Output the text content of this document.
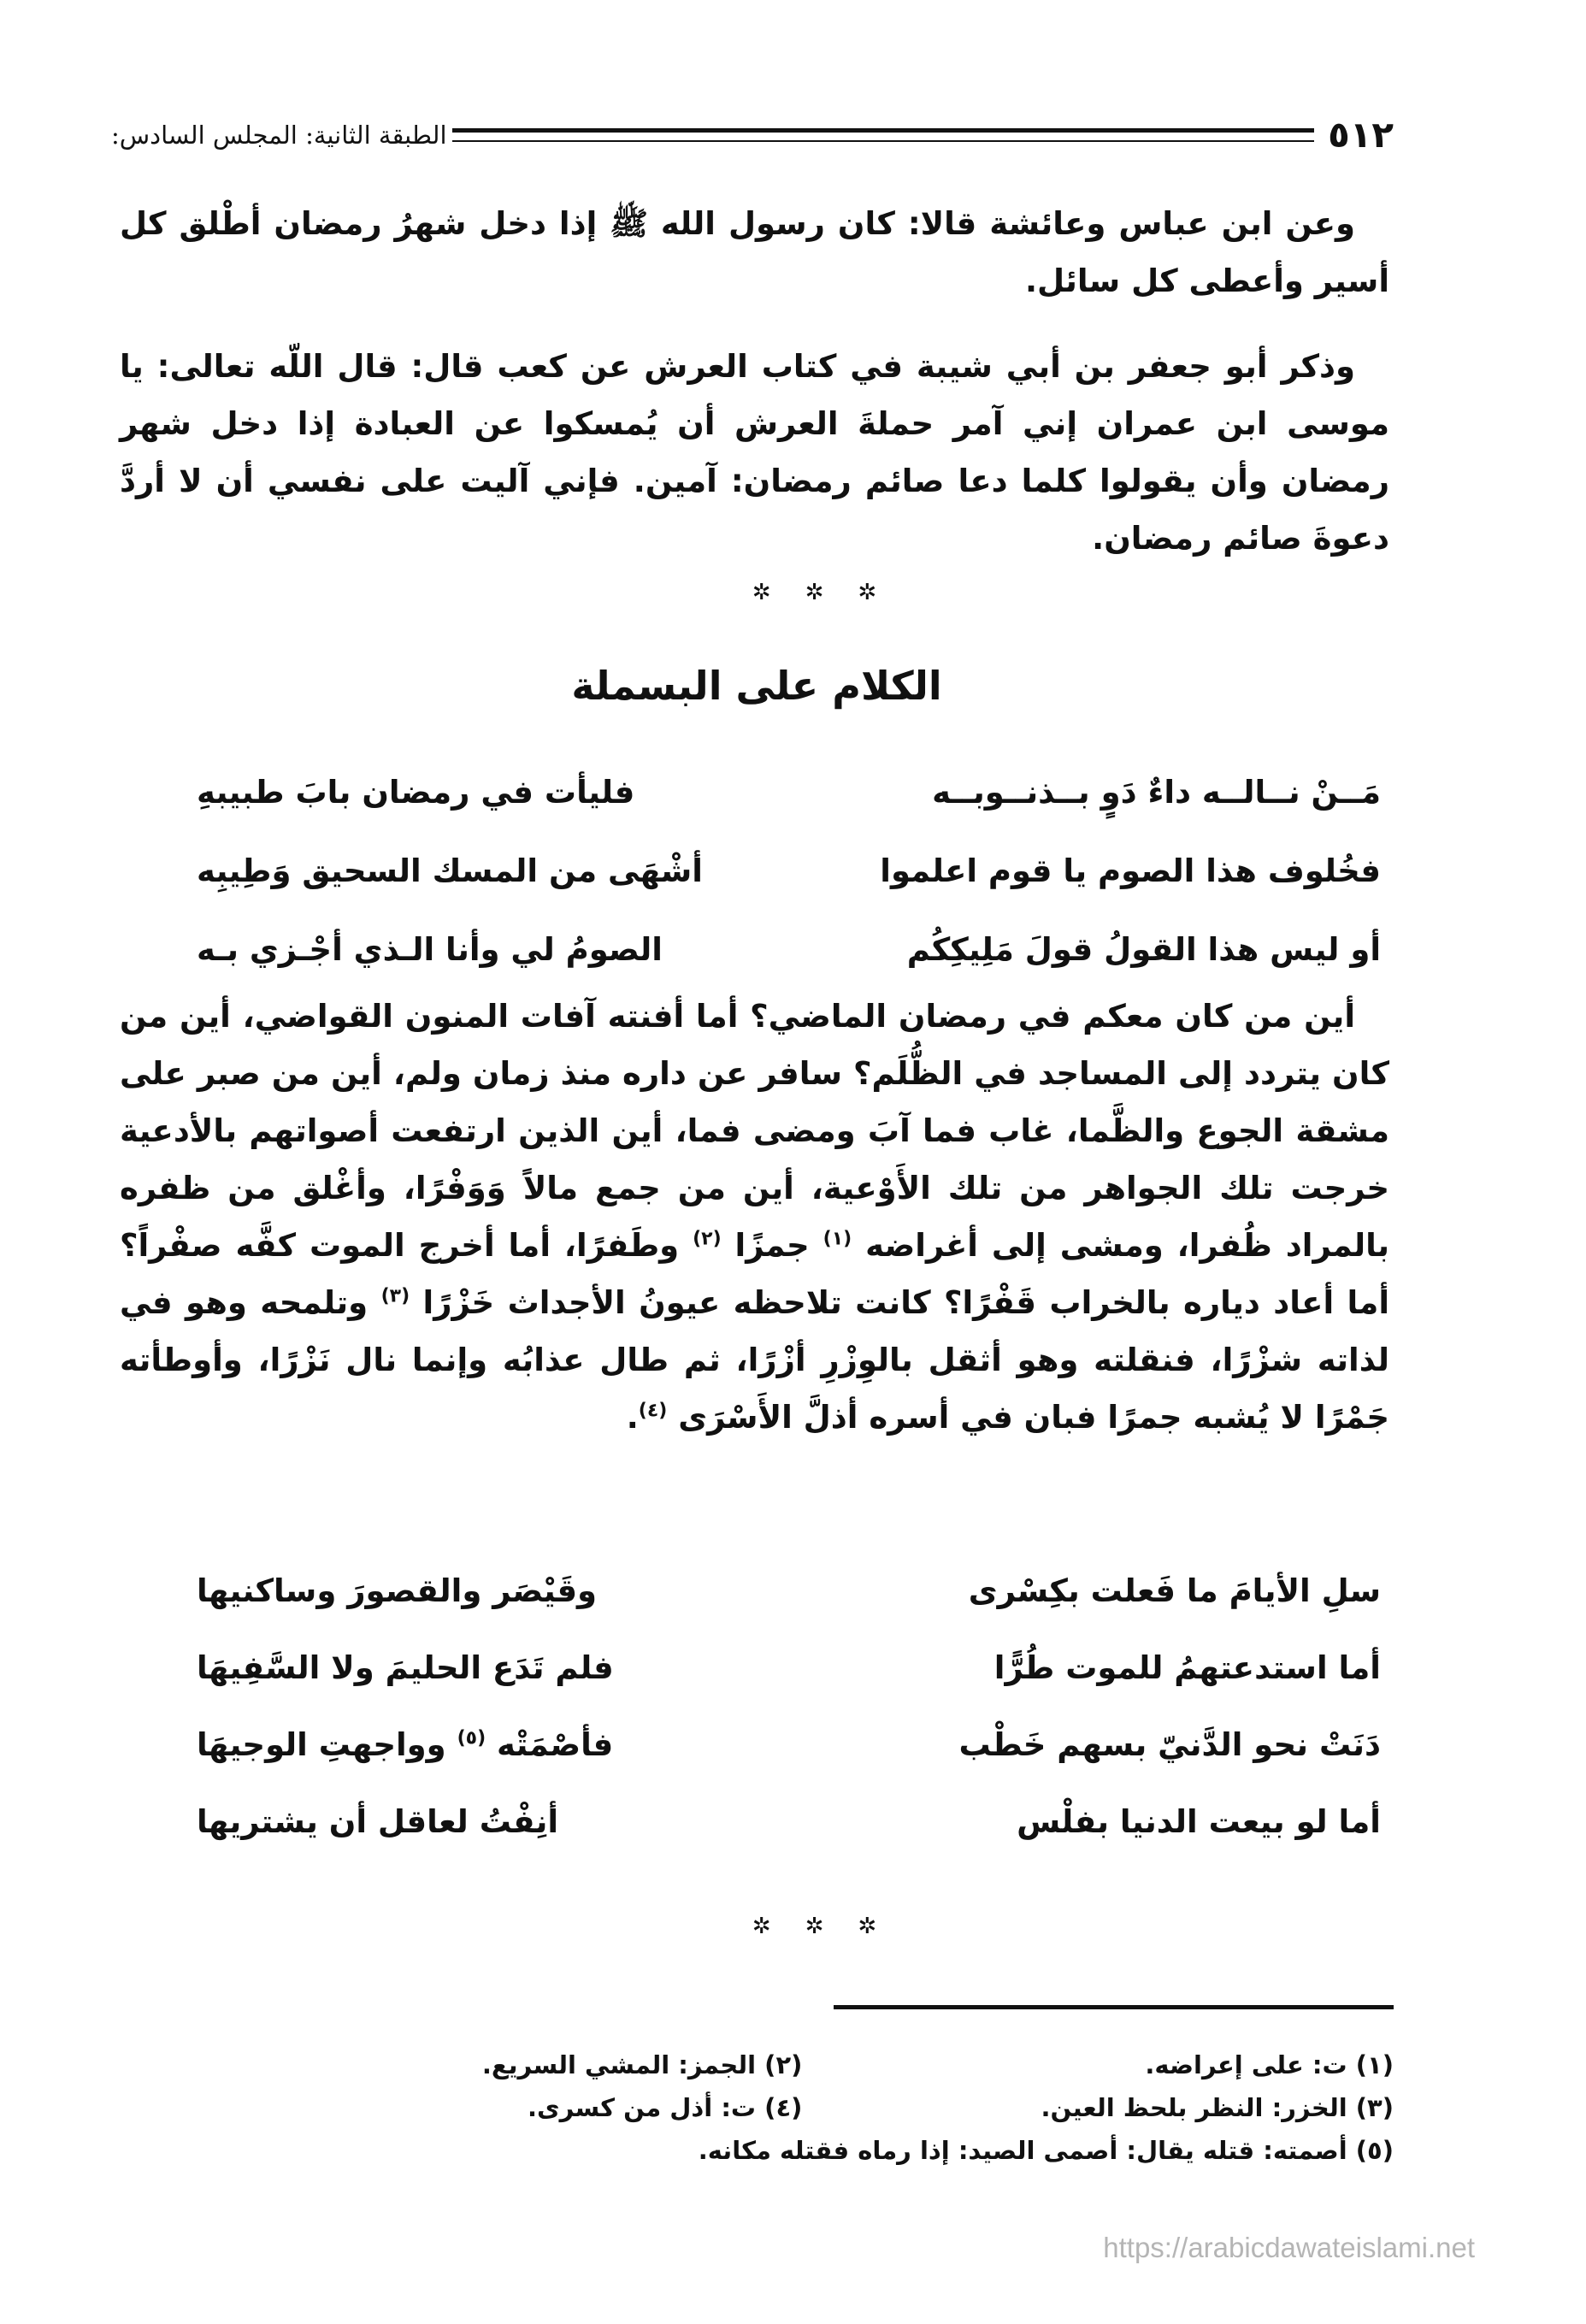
٥١٢
الطبقة الثانية: المجلس السادس:

وعن ابن عباس وعائشة قالا: كان رسول الله ﷺ إذا دخل شهرُ رمضان أطْلق كل أسير وأعطى كل سائل.

وذكر أبو جعفر بن أبي شيبة في كتاب العرش عن كعب قال: قال اللّه تعالى: يا موسى ابن عمران إني آمر حملةَ العرش أن يُمسكوا عن العبادة إذا دخل شهر رمضان وأن يقولوا كلما دعا صائم رمضان: آمين. فإني آليت على نفسي أن لا أردَّ دعوةَ صائم رمضان.

✲✲✲
الكلام على البسملة
مَــنْ نــالــه داءٌ دَوٍ بــذنــوبــه
فليأت في رمضان بابَ طبيبهِ
فخُلوف هذا الصوم يا قوم اعلموا
أشْهَى من المسك السحيق وَطِيبِه
أو ليس هذا القولُ قولَ مَلِيكِكُم
الصومُ لي وأنا الـذي أجْـزي بـه

أين من كان معكم في رمضان الماضي؟ أما أفنته آفات المنون القواضي، أين من كان يتردد إلى المساجد في الظُّلَم؟ سافر عن داره منذ زمان ولم، أين من صبر على مشقة الجوع والظَّما، غاب فما آبَ ومضى فما، أين الذين ارتفعت أصواتهم بالأدعية خرجت تلك الجواهر من تلك الأَوْعية، أين من جمع مالاً وَوَفْرًا، وأغْلق من ظفره بالمراد ظُفرا، ومشى إلى أغراضه $^{(١)}$ جمزًا $^{(٢)}$ وطَفرًا، أما أخرج الموت كفَّه صفْراً؟ أما أعاد دياره بالخراب قَفْرًا؟ كانت تلاحظه عيونُ الأجداث خَزْرًا $^{(٣)}$ وتلمحه وهو في لذاته شزْرًا، فنقلته وهو أثقل بالوِزْرِ أزْرًا، ثم طال عذابُه وإنما نال نَزْرًا، وأوطأته جَمْرًا لا يُشبه جمرًا فبان في أسره أذلَّ الأَسْرَى $^{(٤)}$.

سلِ الأيامَ ما فَعلت بكِسْرى
وقَيْصَر والقصورَ وساكنيها
أما استدعتهمُ للموت طُرًّا
فلم تَدَع الحليمَ ولا السَّفِيهَا
دَنَتْ نحو الدَّنيّ بسهم خَطْب
فأصْمَتْه $^{(٥)}$ وواجهتِ الوجيهَا
أما لو بيعت الدنيا بفلْس
أنِفْتُ لعاقل أن يشتريها
✲✲✲
(١) ت: على إعراضه.
(٢) الجمز: المشي السريع.
(٣) الخزر: النظر بلحظ العين.
(٤) ت: أذل من كسرى.
(٥) أصمته: قتله يقال: أصمى الصيد: إذا رماه فقتله مكانه.
https://arabicdawateislami.net
